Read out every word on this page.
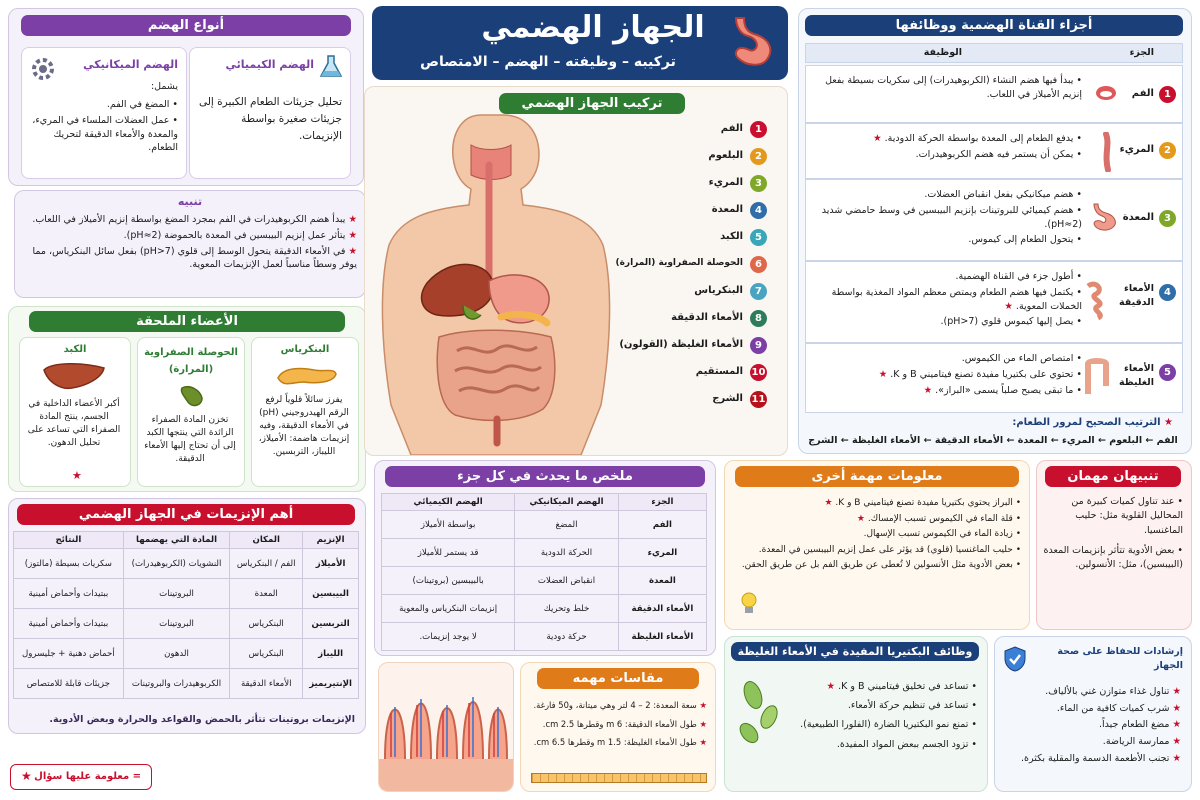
الجهاز الهضمي
تركيبه – وظيفته – الهضم – الامتصاص
أنواع الهضم
الهضم الكيميائي
تحليل جزيئات الطعام الكبيرة إلى جزيئات صغيرة بواسطة الإنزيمات.
الهضم الميكانيكي
يشمل:
• المضغ في الفم.
• عمل العضلات الملساء في المريء، والمعدة والأمعاء الدقيقة لتحريك الطعام.
تنبيه
★ يبدأ هضم الكربوهيدرات في الفم بمجرد المضغ بواسطة إنزيم الأميلاز في اللعاب.
★ يتأثر عمل إنزيم البيبسين في المعدة بالحموضة (pH≈2).
★ في الأمعاء الدقيقة يتحول الوسط إلى قلوي (pH>7) بفعل سائل البنكرياس، مما يوفر وسطاً مناسباً لعمل الإنزيمات المعوية.
الأعضاء الملحقة
البنكرياس
يفرز سائلاً قلوياً لرفع الرقم الهيدروجيني (pH) في الأمعاء الدقيقة، وفيه إنزيمات هاضمة: الأميلاز، الليباز، التربسين.
الحوصلة الصفراوية (المرارة)
تخزن المادة الصفراء الزائدة التي ينتجها الكبد إلى أن تحتاج إليها الأمعاء الدقيقة.
الكبد
أكبر الأعضاء الداخلية في الجسم، ينتج المادة الصفراء التي تساعد على تحليل الدهون.
★
أهم الإنزيمات في الجهاز الهضمي
الإنزيم	المكان	المادة التي يهضمها	النتائج
الأميلاز	الفم / البنكرياس	النشويات (الكربوهيدرات)	سكريات بسيطة (مالتوز)
البيبسين	المعدة	البروتينات	ببتيدات وأحماض أمينية
التربسين	البنكرياس	البروتينات	ببتيدات وأحماض أمينية
الليباز	البنكرياس	الدهون	أحماض دهنية + جليسرول
الإنتيريميز	الأمعاء الدقيقة	الكربوهيدرات والبروتينات	جزيئات قابلة للامتصاص
الإنزيمات بروتينات تتأثر بالحمض والقواعد والحرارة وبعض الأدوية.
★ = معلومة عليها سؤال
تركيب الجهاز الهضمي
1
الفم
2
البلعوم
3
المريء
4
المعدة
5
الكبد
6
الحوصلة الصفراوية (المرارة)
7
البنكرياس
8
الأمعاء الدقيقة
9
الأمعاء الغليظة (القولون)
10
المستقيم
11
الشرج
أجزاء القناة الهضمية ووظائفها
الجزء
الوظيفة
1
الفم
• يبدأ فيها هضم النشاء (الكربوهيدرات) إلى سكريات بسيطة بفعل إنزيم الأميلاز في اللعاب.
2
المريء
• يدفع الطعام إلى المعدة بواسطة الحركة الدودية. ★
• يمكن أن يستمر فيه هضم الكربوهيدرات.
3
المعدة
• هضم ميكانيكي بفعل انقباض العضلات.
• هضم كيميائي للبروتينات بإنزيم البيبسين في وسط حامضي شديد (pH≈2).
• يتحول الطعام إلى كيموس.
4
الأمعاء الدقيقة
• أطول جزء في القناة الهضمية.
• يكتمل فيها هضم الطعام ويمتص معظم المواد المغذية بواسطة الخملات المعوية. ★
• يصل إليها كيموس قلوي (pH>7).
5
الأمعاء الغليظة
• امتصاص الماء من الكيموس.
• تحتوي على بكتيريا مفيدة تصنع فيتاميني B و K. ★
• ما تبقى يصبح صلباً يسمى «البراز». ★
★ الترتيب الصحيح لمرور الطعام:
الفم ← البلعوم ← المريء ← المعدة ← الأمعاء الدقيقة ← الأمعاء الغليظة ← الشرج
ملخص ما يحدث في كل جزء
الجزء	الهضم الميكانيكي	الهضم الكيميائي
الفم	المضغ	بواسطة الأميلاز
المريء	الحركة الدودية	قد يستمر للأميلاز
المعدة	انقباض العضلات	بالبيبسين (بروتينات)
الأمعاء الدقيقة	خلط وتحريك	إنزيمات البنكرياس والمعوية
الأمعاء الغليظة	حركة دودية	لا يوجد إنزيمات.
مقاسات مهمه
★ سعة المعدة: 2 – 4 لتر وهي ميتانة، و50 فارغة.
★ طول الأمعاء الدقيقة: 6 m وقطرها 2.5 cm.
★ طول الأمعاء الغليظة: 1.5 m وقطرها 6.5 cm.
معلومات مهمة أخرى
• البراز يحتوي بكتيريا مفيدة تصنع فيتاميني B و K. ★
• قلة الماء في الكيموس تسبب الإمساك. ★
• زيادة الماء في الكيموس تسبب الإسهال.
• حليب الماغنسيا (قلوي) قد يؤثر على عمل إنزيم البيبسين في المعدة.
• بعض الأدوية مثل الأنسولين لا تُعطى عن طريق الفم بل عن طريق الحقن.
تنبيهان مهمان
• عند تناول كميات كبيرة من المحاليل القلوية مثل: حليب الماغنسيا.
• بعض الأدوية تتأثر بإنزيمات المعدة (البيبسين)، مثل: الأنسولين.
وظائف البكتيريا المفيدة في الأمعاء الغليظة
• تساعد في تخليق فيتاميني B و K. ★
• تساعد في تنظيم حركة الأمعاء.
• تمنع نمو البكتيريا الضارة (الفلورا الطبيعية).
• تزود الجسم ببعض المواد المفيدة.
إرشادات للحفاظ على صحة الجهاز
★ تناول غذاء متوازن غني بالألياف.
★ شرب كميات كافية من الماء.
★ مضغ الطعام جيداً.
★ ممارسة الرياضة.
★ تجنب الأطعمة الدسمة والمقلية بكثرة.
